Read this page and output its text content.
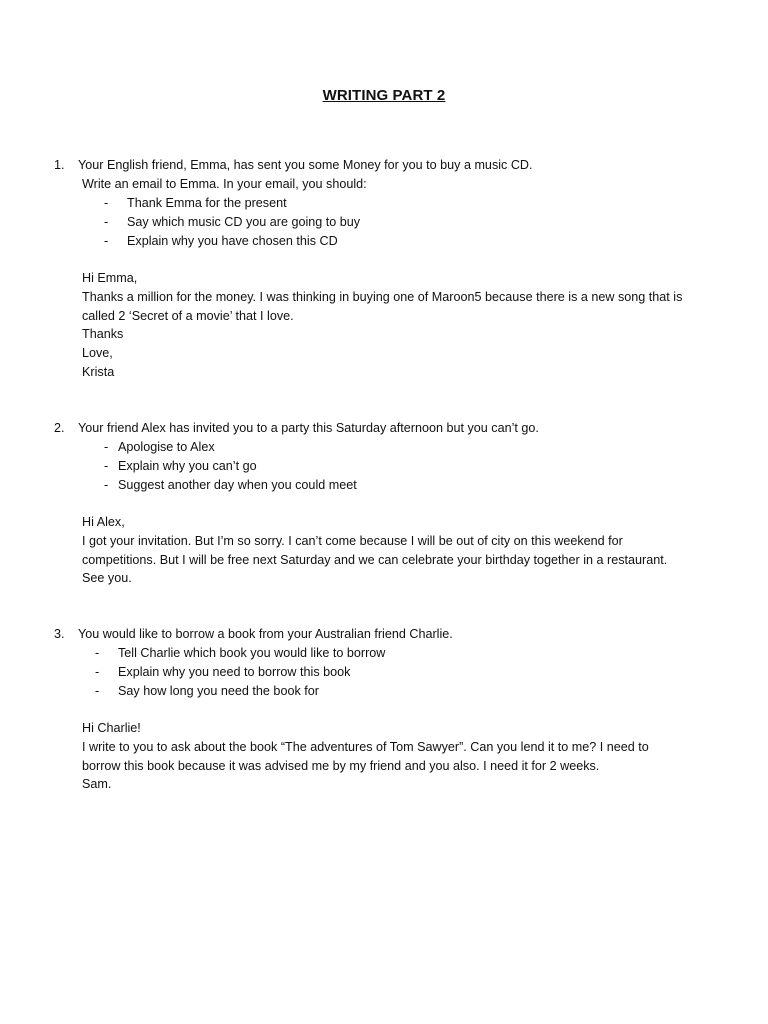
WRITING PART 2
1. Your English friend, Emma, has sent you some Money for you to buy a music CD.
Write an email to Emma. In your email, you should:
- Thank Emma for the present
- Say which music CD you are going to buy
- Explain why you have chosen this CD
Hi Emma,
Thanks a million for the money. I was thinking in buying one of Maroon5 because there is a new song that is
called 2 ‘Secret of a movie’ that I love.
Thanks
Love,
Krista
2. Your friend Alex has invited you to a party this Saturday afternoon but you can’t go.
- Apologise to Alex
- Explain why you can’t go
- Suggest another day when you could meet
Hi Alex,
I got your invitation. But I’m so sorry. I can’t come because I will be out of city on this weekend for
competitions. But I will be free next Saturday and we can celebrate your birthday together in a restaurant.
See you.
3. You would like to borrow a book from your Australian friend Charlie.
- Tell Charlie which book you would like to borrow
- Explain why you need to borrow this book
- Say how long you need the book for
Hi Charlie!
I write to you to ask about the book “The adventures of Tom Sawyer”. Can you lend it to me? I need to
borrow this book because it was advised me by my friend and you also. I need it for 2 weeks.
Sam.
